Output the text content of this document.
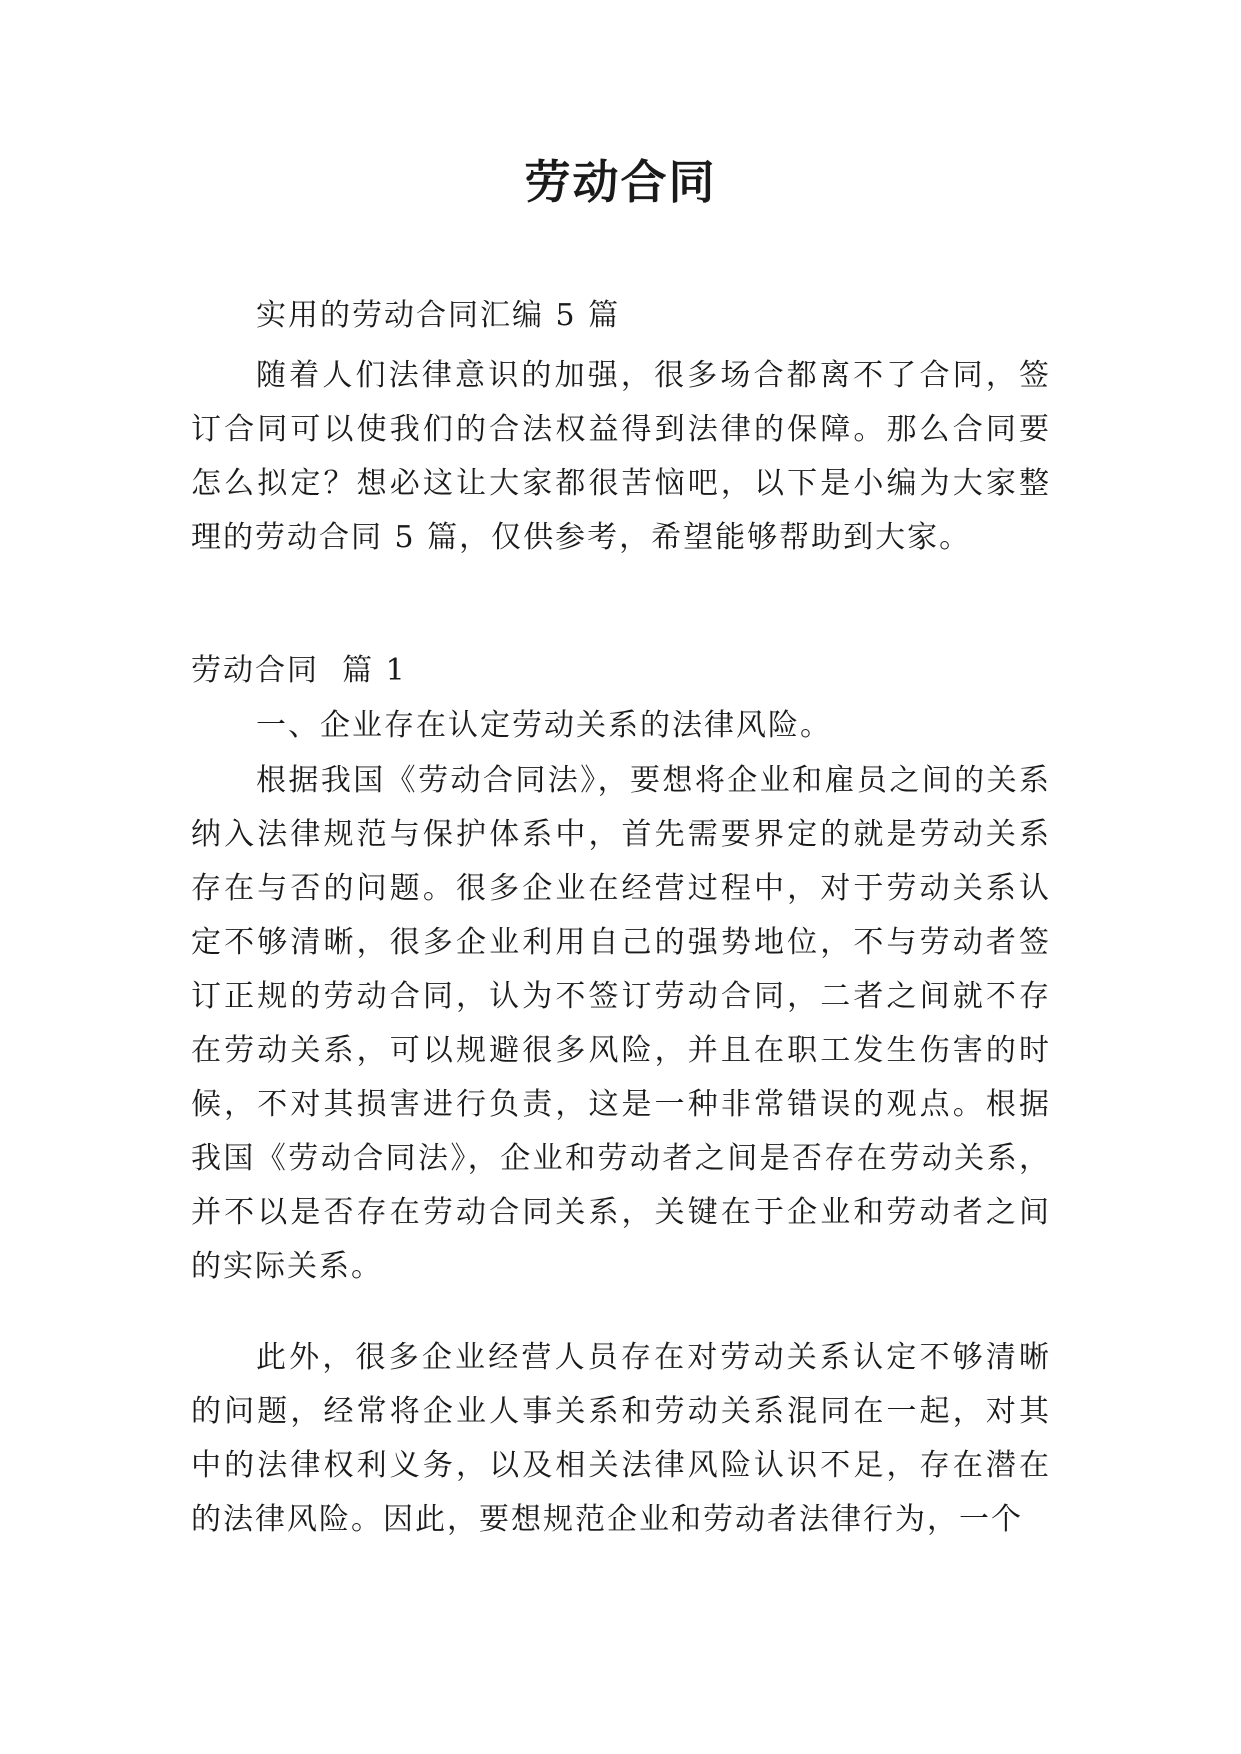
劳动合同

实用的劳动合同汇编 5 篇

随着人们法律意识的加强，很多场合都离不了合同，签订合同可以使我们的合法权益得到法律的保障。那么合同要怎么拟定？想必这让大家都很苦恼吧，以下是小编为大家整理的劳动合同 5 篇，仅供参考，希望能够帮助到大家。

劳动合同  篇 1

一、企业存在认定劳动关系的法律风险。

根据我国《劳动合同法》，要想将企业和雇员之间的关系纳入法律规范与保护体系中，首先需要界定的就是劳动关系存在与否的问题。很多企业在经营过程中，对于劳动关系认定不够清晰，很多企业利用自己的强势地位，不与劳动者签订正规的劳动合同，认为不签订劳动合同，二者之间就不存在劳动关系，可以规避很多风险，并且在职工发生伤害的时候，不对其损害进行负责，这是一种非常错误的观点。根据我国《劳动合同法》，企业和劳动者之间是否存在劳动关系，并不以是否存在劳动合同关系，关键在于企业和劳动者之间的实际关系。

此外，很多企业经营人员存在对劳动关系认定不够清晰的问题，经常将企业人事关系和劳动关系混同在一起，对其中的法律权利义务，以及相关法律风险认识不足，存在潜在的法律风险。因此，要想规范企业和劳动者法律行为，一个
